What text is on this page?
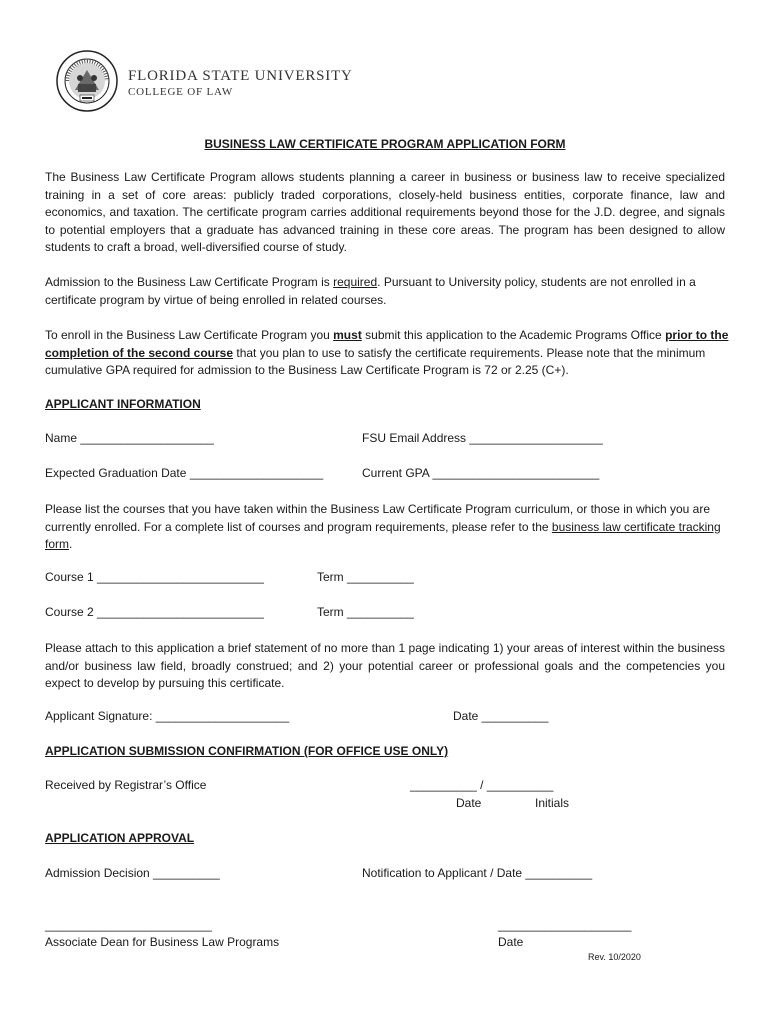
FLORIDA STATE UNIVERSITY
COLLEGE OF LAW
BUSINESS LAW CERTIFICATE PROGRAM APPLICATION FORM

The Business Law Certificate Program allows students planning a career in business or business law to receive specialized training in a set of core areas: publicly traded corporations, closely-held business entities, corporate finance, law and economics, and taxation. The certificate program carries additional requirements beyond those for the J.D. degree, and signals to potential employers that a graduate has advanced training in these core areas. The program has been designed to allow students to craft a broad, well-diversified course of study.

Admission to the Business Law Certificate Program is required. Pursuant to University policy, students are not enrolled in a certificate program by virtue of being enrolled in related courses.

To enroll in the Business Law Certificate Program you must submit this application to the Academic Programs Office prior to the completion of the second course that you plan to use to satisfy the certificate requirements. Please note that the minimum cumulative GPA required for admission to the Business Law Certificate Program is 72 or 2.25 (C+).

APPLICANT INFORMATION
Name ____________________	FSU Email Address ____________________
Expected Graduation Date ____________________	Current GPA _________________________

Please list the courses that you have taken within the Business Law Certificate Program curriculum, or those in which you are currently enrolled. For a complete list of courses and program requirements, please refer to the business law certificate tracking form.

Course 1 _________________________	Term __________
Course 2 _________________________	Term __________

Please attach to this application a brief statement of no more than 1 page indicating 1) your areas of interest within the business and/or business law field, broadly construed; and 2) your potential career or professional goals and the competencies you expect to develop by pursuing this certificate.

Applicant Signature: ____________________	Date __________
APPLICATION SUBMISSION CONFIRMATION (FOR OFFICE USE ONLY)
Received by Registrar’s Office	__________ / __________
Date	Initials
APPLICATION APPROVAL
Admission Decision __________	Notification to Applicant / Date __________
_________________________
Associate Dean for Business Law Programs
____________________
Date
Rev. 10/2020
